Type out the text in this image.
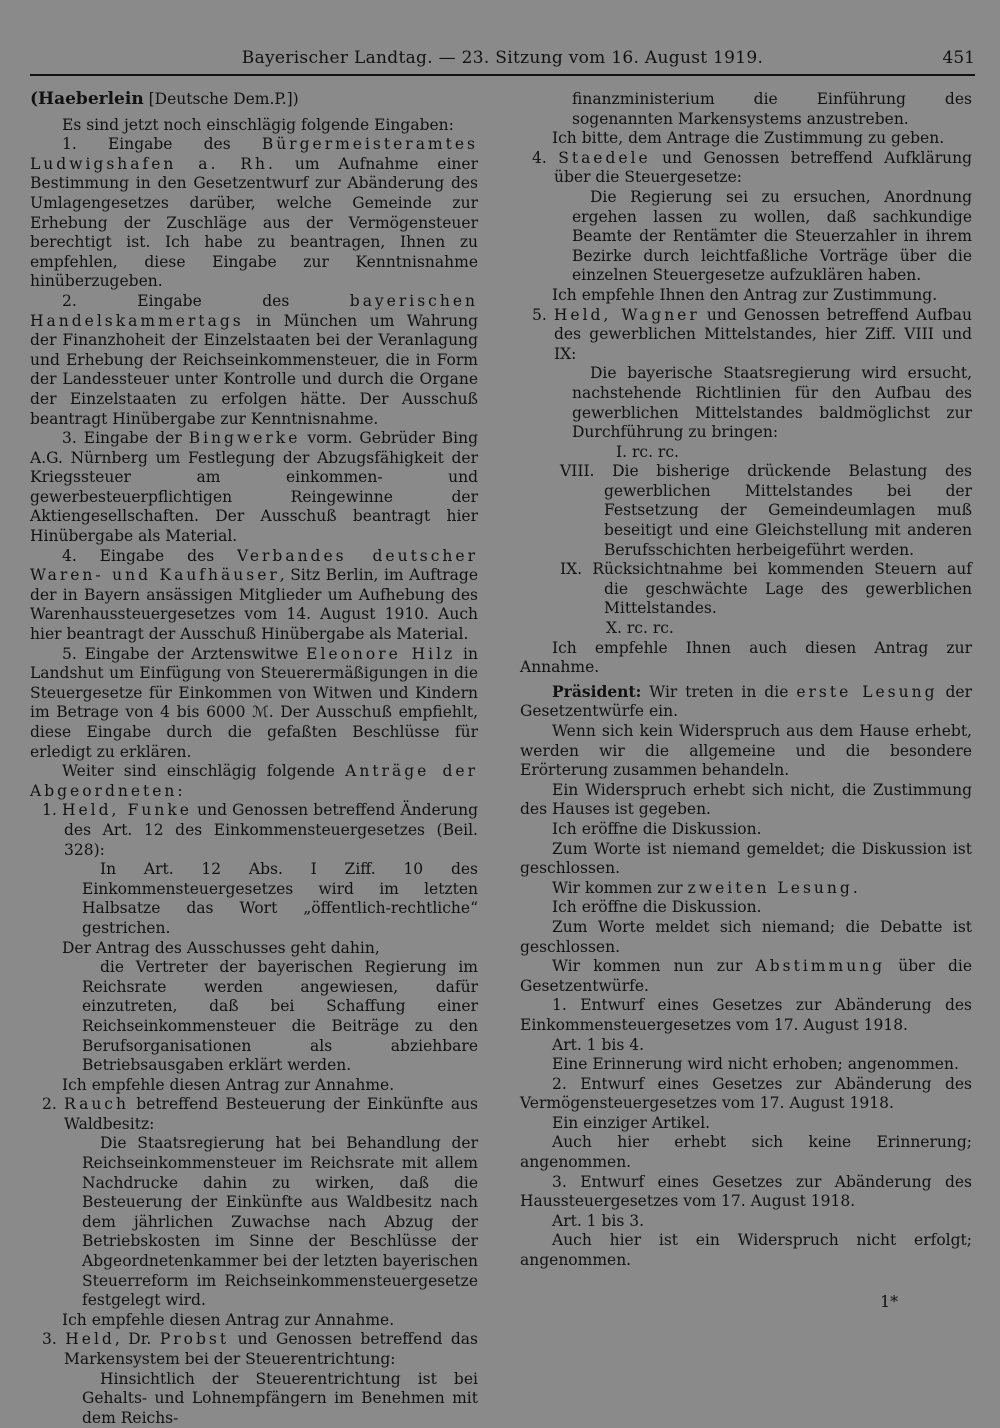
Bayerischer Landtag. — 23. Sitzung vom 16. August 1919.	451

(Haeberlein [Deutsche Dem.P.])

Es sind jetzt noch einschlägig folgende Eingaben:

1. Eingabe des Bürgermeisteramtes Ludwigshafen a. Rh. um Aufnahme einer Bestimmung in den Gesetzentwurf zur Abänderung des Umlagengesetzes darüber, welche Gemeinde zur Erhebung der Zuschläge aus der Vermögensteuer berechtigt ist. Ich habe zu beantragen, Ihnen zu empfehlen, diese Eingabe zur Kenntnisnahme hinüberzugeben.

2. Eingabe des bayerischen Handelskammertags in München um Wahrung der Finanzhoheit der Einzelstaaten bei der Veranlagung und Erhebung der Reichseinkommensteuer, die in Form der Landessteuer unter Kontrolle und durch die Organe der Einzelstaaten zu erfolgen hätte. Der Ausschuß beantragt Hinübergabe zur Kenntnisnahme.

3. Eingabe der Bingwerke vorm. Gebrüder Bing A.G. Nürnberg um Festlegung der Abzugsfähigkeit der Kriegssteuer am einkommen- und gewerbesteuerpflichtigen Reingewinne der Aktiengesellschaften. Der Ausschuß beantragt hier Hinübergabe als Material.

4. Eingabe des Verbandes deutscher Waren- und Kaufhäuser, Sitz Berlin, im Auftrage der in Bayern ansässigen Mitglieder um Aufhebung des Warenhaussteuergesetzes vom 14. August 1910. Auch hier beantragt der Ausschuß Hinübergabe als Material.

5. Eingabe der Arztenswitwe Eleonore Hilz in Landshut um Einfügung von Steuerermäßigungen in die Steuergesetze für Einkommen von Witwen und Kindern im Betrage von 4 bis 6000 ℳ. Der Ausschuß empfiehlt, diese Eingabe durch die gefaßten Beschlüsse für erledigt zu erklären.

Weiter sind einschlägig folgende Anträge der Abgeordneten:

1. Held, Funke und Genossen betreffend Änderung des Art. 12 des Einkommensteuergesetzes (Beil. 328):

In Art. 12 Abs. I Ziff. 10 des Einkommensteuergesetzes wird im letzten Halbsatze das Wort „öffentlich-rechtliche“ gestrichen.

Der Antrag des Ausschusses geht dahin,

die Vertreter der bayerischen Regierung im Reichsrate werden angewiesen, dafür einzutreten, daß bei Schaffung einer Reichseinkommensteuer die Beiträge zu den Berufsorganisationen als abziehbare Betriebsausgaben erklärt werden.

Ich empfehle diesen Antrag zur Annahme.

2. Rauch betreffend Besteuerung der Einkünfte aus Waldbesitz:

Die Staatsregierung hat bei Behandlung der Reichseinkommensteuer im Reichsrate mit allem Nachdrucke dahin zu wirken, daß die Besteuerung der Einkünfte aus Waldbesitz nach dem jährlichen Zuwachse nach Abzug der Betriebskosten im Sinne der Beschlüsse der Abgeordnetenkammer bei der letzten bayerischen Steuerreform im Reichseinkommensteuergesetze festgelegt wird.

Ich empfehle diesen Antrag zur Annahme.

3. Held, Dr. Probst und Genossen betreffend das Markensystem bei der Steuerentrichtung:

Hinsichtlich der Steuerentrichtung ist bei Gehalts- und Lohnempfängern im Benehmen mit dem Reichs-

finanzministerium die Einführung des sogenannten Markensystems anzustreben.

Ich bitte, dem Antrage die Zustimmung zu geben.

4. Staedele und Genossen betreffend Aufklärung über die Steuergesetze:

Die Regierung sei zu ersuchen, Anordnung ergehen lassen zu wollen, daß sachkundige Beamte der Rentämter die Steuerzahler in ihrem Bezirke durch leichtfaßliche Vorträge über die einzelnen Steuergesetze aufzuklären haben.

Ich empfehle Ihnen den Antrag zur Zustimmung.

5. Held, Wagner und Genossen betreffend Aufbau des gewerblichen Mittelstandes, hier Ziff. VIII und IX:

Die bayerische Staatsregierung wird ersucht, nachstehende Richtlinien für den Aufbau des gewerblichen Mittelstandes baldmöglichst zur Durchführung zu bringen:

I. rc. rc.

VIII. Die bisherige drückende Belastung des gewerblichen Mittelstandes bei der Festsetzung der Gemeindeumlagen muß beseitigt und eine Gleichstellung mit anderen Berufsschichten herbeigeführt werden.

IX. Rücksichtnahme bei kommenden Steuern auf die geschwächte Lage des gewerblichen Mittelstandes.

X. rc. rc.

Ich empfehle Ihnen auch diesen Antrag zur Annahme.

Präsident: Wir treten in die erste Lesung der Gesetzentwürfe ein.

Wenn sich kein Widerspruch aus dem Hause erhebt, werden wir die allgemeine und die besondere Erörterung zusammen behandeln.

Ein Widerspruch erhebt sich nicht, die Zustimmung des Hauses ist gegeben.

Ich eröffne die Diskussion.

Zum Worte ist niemand gemeldet; die Diskussion ist geschlossen.

Wir kommen zur zweiten Lesung.

Ich eröffne die Diskussion.

Zum Worte meldet sich niemand; die Debatte ist geschlossen.

Wir kommen nun zur Abstimmung über die Gesetzentwürfe.

1. Entwurf eines Gesetzes zur Abänderung des Einkommensteuergesetzes vom 17. August 1918.

Art. 1 bis 4.

Eine Erinnerung wird nicht erhoben; angenommen.

2. Entwurf eines Gesetzes zur Abänderung des Vermögensteuergesetzes vom 17. August 1918.

Ein einziger Artikel.

Auch hier erhebt sich keine Erinnerung; angenommen.

3. Entwurf eines Gesetzes zur Abänderung des Haussteuergesetzes vom 17. August 1918.

Art. 1 bis 3.

Auch hier ist ein Widerspruch nicht erfolgt; angenommen.

1*
